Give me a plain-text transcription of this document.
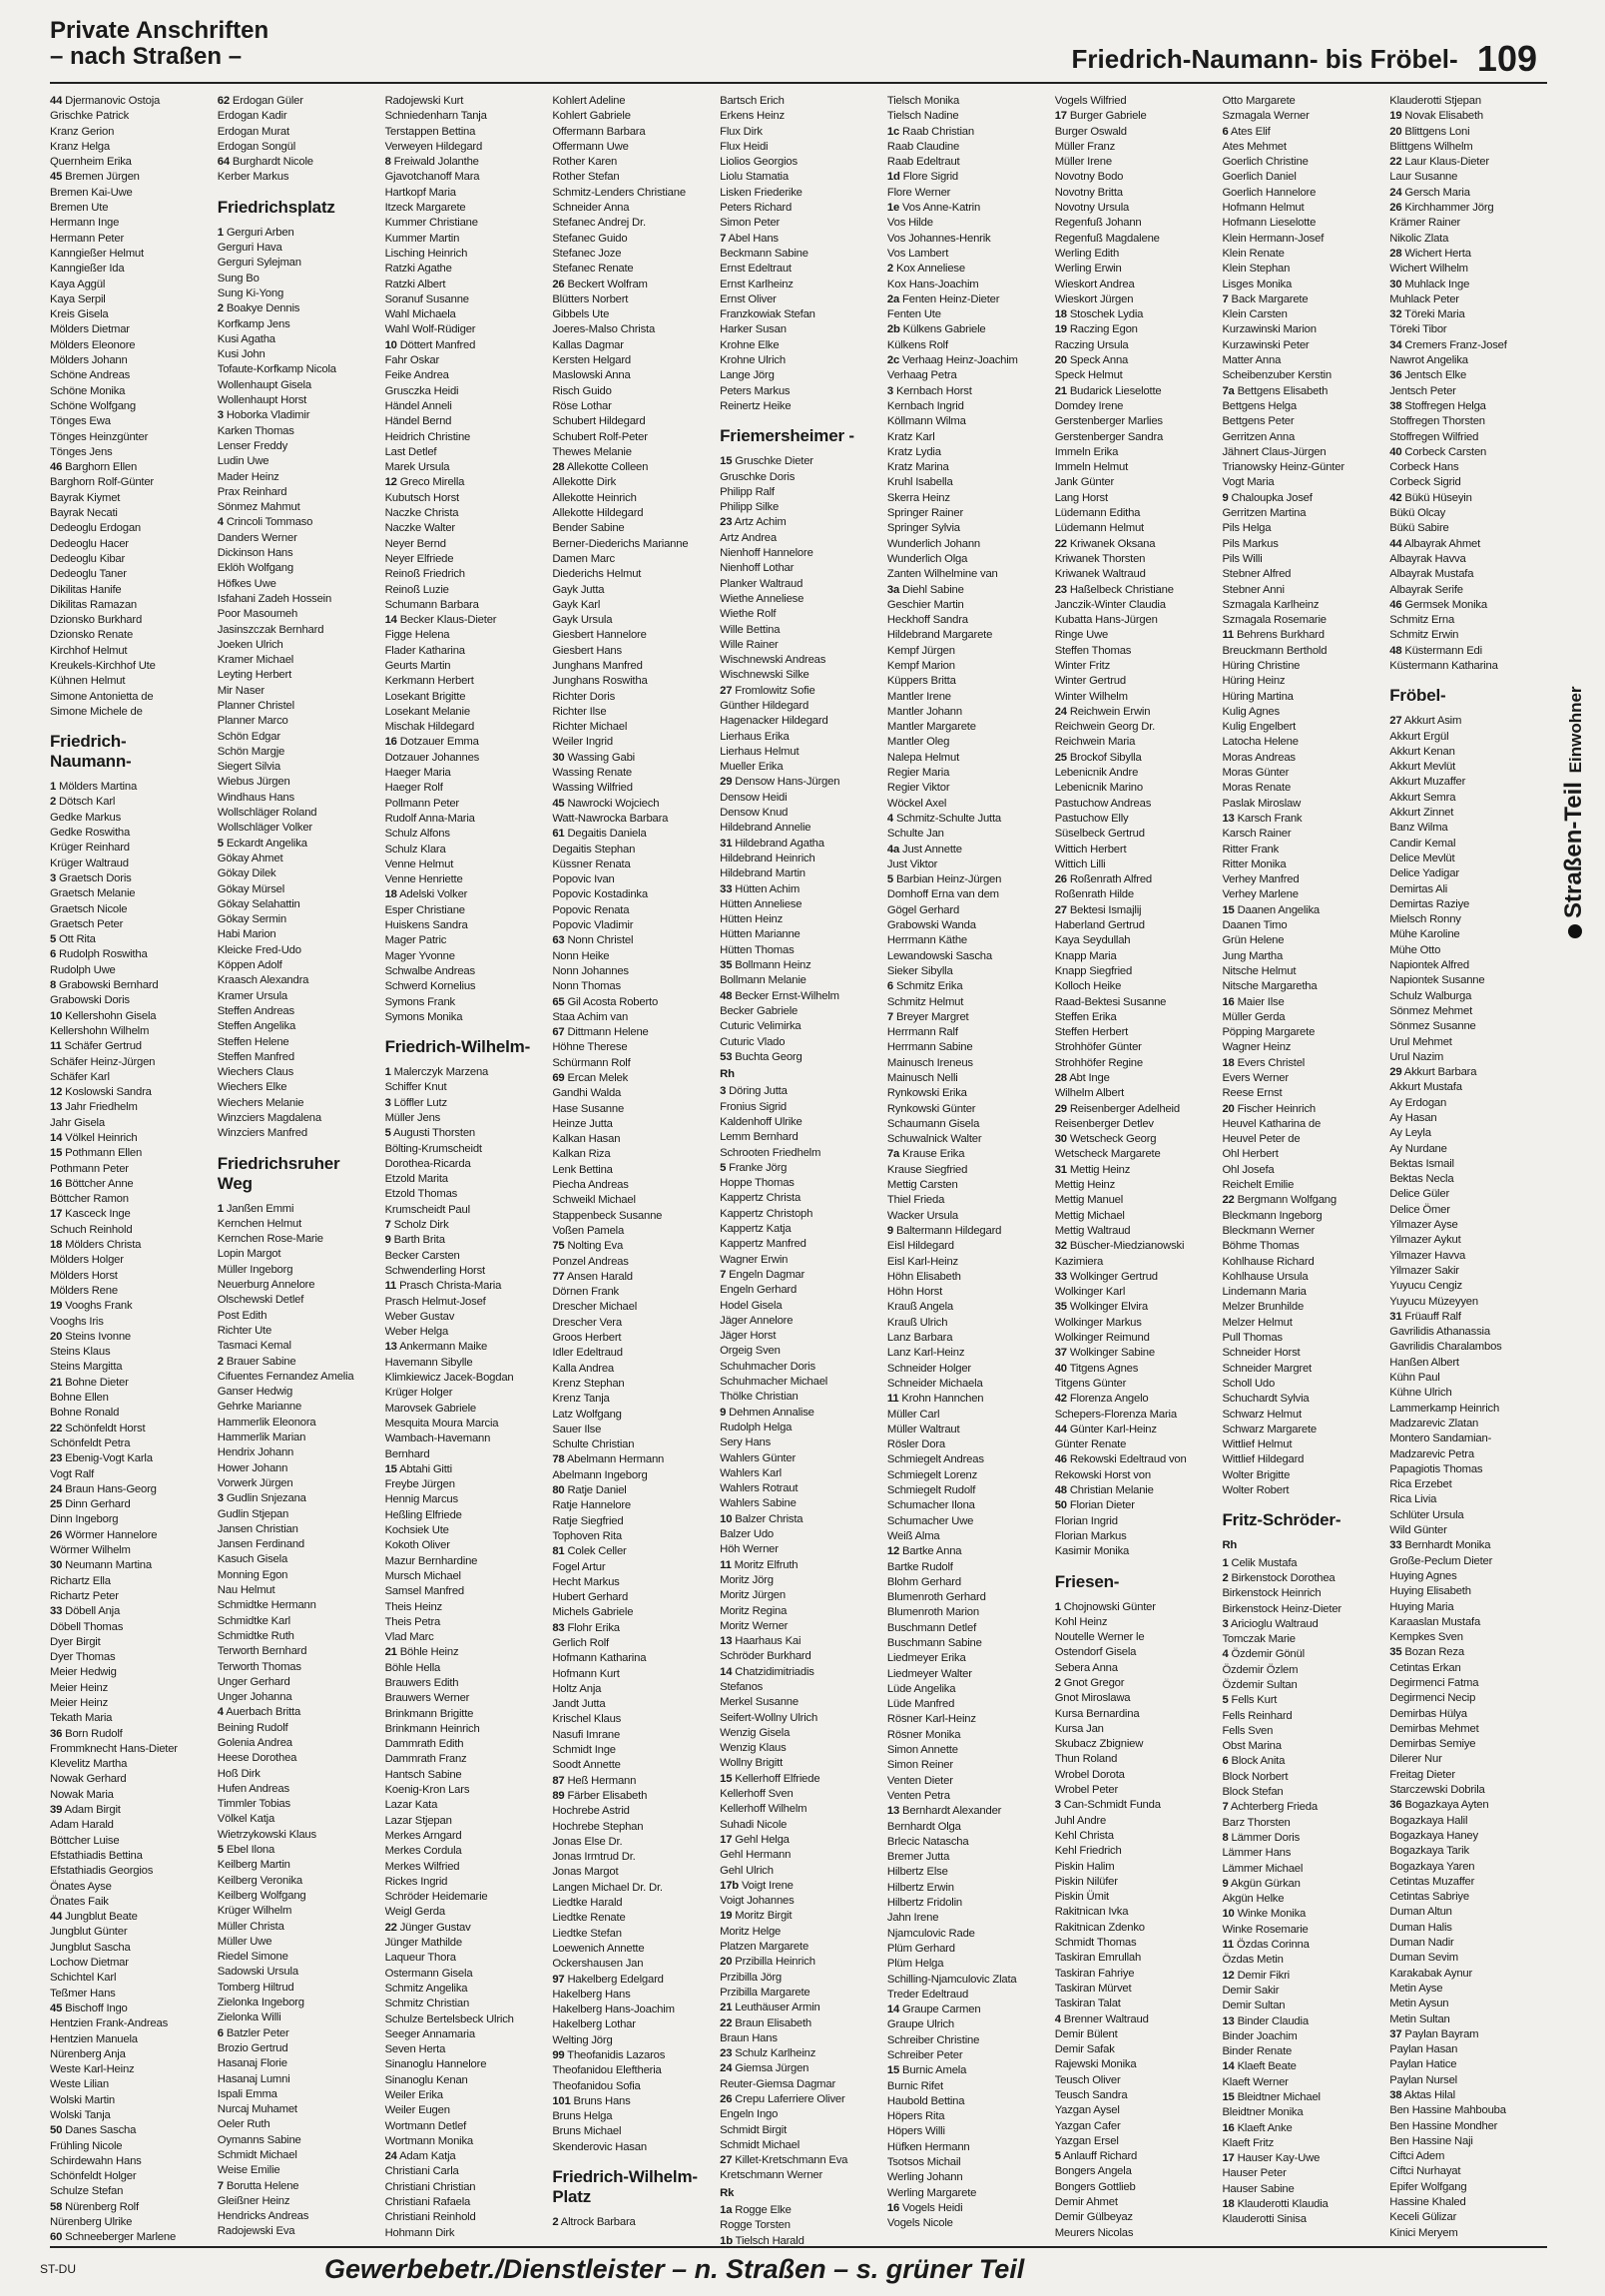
Private Anschriften
– nach Straßen –	Friedrich-Naumann- bis Fröbel- 109
44 Djermanovic Ostoja
Grischke Patrick
Kranz Gerion
Kranz Helga
Quernheim Erika
45 Bremen Jürgen
Bremen Kai-Uwe
Bremen Ute
Hermann Inge
Hermann Peter
Kanngießer Helmut
Kanngießer Ida
Kaya Aggül
Kaya Serpil
Kreis Gisela
Mölders Dietmar
Mölders Eleonore
Mölders Johann
Schöne Andreas
Schöne Monika
Schöne Wolfgang
Tönges Ewa
Tönges Heinzgünter
Tönges Jens
46 Barghorn Ellen
Barghorn Rolf-Günter
Bayrak Kiymet
Bayrak Necati
Dedeoglu Erdogan
Dedeoglu Hacer
Dedeoglu Kibar
Dedeoglu Taner
Dikilitas Hanife
Dikilitas Ramazan
Dzionsko Burkhard
Dzionsko Renate
Kirchhof Helmut
Kreukels-Kirchhof Ute
Kühnen Helmut
Simone Antonietta de
Simone Michele de
Friedrich-Naumann-
1 Mölders Martina
2 Dötsch Karl
Gedke Markus
Gedke Roswitha
Krüger Reinhard
Krüger Waltraud
3 Graetsch Doris
Graetsch Melanie
Graetsch Nicole
Graetsch Peter
5 Ott Rita
6 Rudolph Roswitha
Rudolph Uwe
8 Grabowski Bernhard
Grabowski Doris
10 Kellershohn Gisela
Kellershohn Wilhelm
11 Schäfer Gertrud
Schäfer Heinz-Jürgen
Schäfer Karl
12 Koslowski Sandra
13 Jahr Friedhelm
Jahr Gisela
14 Völkel Heinrich
15 Pothmann Ellen
Pothmann Peter
16 Böttcher Anne
Böttcher Ramon
17 Kasceck Inge
Schuch Reinhold
18 Mölders Christa
Mölders Holger
Mölders Horst
Mölders Rene
19 Vooghs Frank
Vooghs Iris
20 Steins Ivonne
Steins Klaus
Steins Margitta
21 Bohne Dieter
Bohne Ellen
Bohne Ronald
22 Schönfeldt Horst
Schönfeldt Petra
23 Ebenig-Vogt Karla
Vogt Ralf
24 Braun Hans-Georg
25 Dinn Gerhard
Dinn Ingeborg
26 Wörmer Hannelore
Wörmer Wilhelm
30 Neumann Martina
Richartz Ella
Richartz Peter
33 Döbell Anja
Döbell Thomas
Dyer Birgit
Dyer Thomas
Meier Hedwig
Meier Heinz
Meier Heinz
Tekath Maria
36 Born Rudolf
Frommknecht Hans-Dieter
Klevelitz Martha
Nowak Gerhard
Nowak Maria
39 Adam Birgit
Adam Harald
Böttcher Luise
Efstathiadis Bettina
Efstathiadis Georgios
Önates Ayse
Önates Faik
44 Jungblut Beate
Jungblut Günter
Jungblut Sascha
Lochow Dietmar
Schichtel Karl
Teßmer Hans
45 Bischoff Ingo
Hentzien Frank-Andreas
Hentzien Manuela
Nürenberg Anja
Weste Karl-Heinz
Weste Lilian
Wolski Martin
Wolski Tanja
50 Danes Sascha
Frühling Nicole
Schirdewahn Hans
Schönfeldt Holger
Schulze Stefan
58 Nürenberg Rolf
Nürenberg Ulrike
60 Schneeberger Marlene
62 Erdogan Güler
Erdogan Kadir
Erdogan Murat
Erdogan Songül
64 Burghardt Nicole
Kerber Markus
Friedrichsplatz
1 Gerguri Arben
Gerguri Hava
Gerguri Sylejman
Sung Bo
Sung Ki-Yong
2 Boakye Dennis
Korfkamp Jens
Kusi Agatha
Kusi John
Tofaute-Korfkamp Nicola
Wollenhaupt Gisela
Wollenhaupt Horst
3 Hoborka Vladimir
Karken Thomas
Lenser Freddy
Ludin Uwe
Mader Heinz
Prax Reinhard
Sönmez Mahmut
4 Crincoli Tommaso
Danders Werner
Dickinson Hans
Eklöh Wolfgang
Höfkes Uwe
Isfahani Zadeh Hossein
Poor Masoumeh
Jasinszczak Bernhard
Joeken Ulrich
Kramer Michael
Leyting Herbert
Mir Naser
Planner Christel
Planner Marco
Schön Edgar
Schön Margje
Siegert Silvia
Wiebus Jürgen
Windhaus Hans
Wollschläger Roland
Wollschläger Volker
5 Eckardt Angelika
Gökay Ahmet
Gökay Dilek
Gökay Mürsel
Gökay Selahattin
Gökay Sermin
Habi Marion
Kleicke Fred-Udo
Köppen Adolf
Kraasch Alexandra
Kramer Ursula
Steffen Andreas
Steffen Angelika
Steffen Helene
Steffen Manfred
Wiechers Claus
Wiechers Elke
Wiechers Melanie
Winzciers Magdalena
Winzciers Manfred
Friedrichsruher Weg
1 Janßen Emmi
Kernchen Helmut
Kernchen Rose-Marie
Lopin Margot
Müller Ingeborg
Neuerburg Annelore
Olschewski Detlef
Post Edith
Richter Ute
Tasmaci Kemal
2 Brauer Sabine
Cifuentes Fernandez Amelia
Ganser Hedwig
Gehrke Marianne
Hammerlik Eleonora
Hammerlik Marian
Hendrix Johann
Hower Johann
Vorwerk Jürgen
3 Gudlin Snjezana
Gudlin Stjepan
Jansen Christian
Jansen Ferdinand
Kasuch Gisela
Monning Egon
Nau Helmut
Schmidtke Hermann
Schmidtke Karl
Schmidtke Ruth
Terworth Bernhard
Terworth Thomas
Unger Gerhard
Unger Johanna
4 Auerbach Britta
Beining Rudolf
Golenia Andrea
Heese Dorothea
Hoß Dirk
Hufen Andreas
Timmler Tobias
Völkel Katja
Wietrzykowski Klaus
5 Ebel Ilona
Keilberg Martin
Keilberg Veronika
Keilberg Wolfgang
Krüger Wilhelm
Müller Christa
Müller Uwe
Riedel Simone
Sadowski Ursula
Tomberg Hiltrud
Zielonka Ingeborg
Zielonka Willi
6 Batzler Peter
Brozio Gertrud
Hasanaj Florie
Hasanaj Lumni
Ispali Emma
Nurcaj Muhamet
Oeler Ruth
Oymanns Sabine
Schmidt Michael
Weise Emilie
7 Borutta Helene
Gleißner Heinz
Hendricks Andreas
Radojewski Eva
Radojewski Kurt
Schniedenharn Tanja
Terstappen Bettina
Verweyen Hildegard
8 Freiwald Jolanthe
Gjavotchanoff Mara
Hartkopf Maria
Itzeck Margarete
Kummer Christiane
Kummer Martin
Lisching Heinrich
Ratzki Agathe
Ratzki Albert
Soranuf Susanne
Wahl Michaela
Wahl Wolf-Rüdiger
10 Döttert Manfred
Fahr Oskar
Feike Andrea
Grusczka Heidi
Händel Anneli
Händel Bernd
Heidrich Christine
Last Detlef
Marek Ursula
12 Greco Mirella
Kubutsch Horst
Naczke Christa
Naczke Walter
Neyer Bernd
Neyer Elfriede
Reinoß Friedrich
Reinoß Luzie
Schumann Barbara
14 Becker Klaus-Dieter
Figge Helena
Flader Katharina
Geurts Martin
Kerkmann Herbert
Losekant Brigitte
Losekant Melanie
Mischak Hildegard
16 Dotzauer Emma
Dotzauer Johannes
Haeger Maria
Haeger Rolf
Pollmann Peter
Rudolf Anna-Maria
Schulz Alfons
Schulz Klara
Venne Helmut
Venne Henriette
18 Adelski Volker
Esper Christiane
Huiskens Sandra
Mager Patric
Mager Yvonne
Schwalbe Andreas
Schwerd Kornelius
Symons Frank
Symons Monika
Friedrich-Wilhelm-
1 Malerczyk Marzena
Schiffer Knut
3 Löffler Lutz
Müller Jens
5 Augusti Thorsten
Bölting-Krumscheidt
Dorothea-Ricarda
Etzold Marita
Etzold Thomas
Krumscheidt Paul
7 Scholz Dirk
9 Barth Brita
Becker Carsten
Schwenderling Horst
11 Prasch Christa-Maria
Prasch Helmut-Josef
Weber Gustav
Weber Helga
13 Ankermann Maike
Havemann Sibylle
Klimkiewicz Jacek-Bogdan
Krüger Holger
Marovsek Gabriele
Mesquita Moura Marcia
Wambach-Havemann
Bernhard
15 Abtahi Gitti
Freybe Jürgen
Hennig Marcus
Heßling Elfriede
Kochsiek Ute
Kokoth Oliver
Mazur Bernhardine
Mursch Michael
Samsel Manfred
Theis Heinz
Theis Petra
Vlad Marc
21 Böhle Heinz
Böhle Hella
Brauwers Edith
Brauwers Werner
Brinkmann Brigitte
Brinkmann Heinrich
Dammrath Edith
Dammrath Franz
Hantsch Sabine
Koenig-Kron Lars
Lazar Kata
Lazar Stjepan
Merkes Arngard
Merkes Cordula
Merkes Wilfried
Rickes Ingrid
Schröder Heidemarie
Weigl Gerda
22 Jünger Gustav
Jünger Mathilde
Laqueur Thora
Ostermann Gisela
Schmitz Angelika
Schmitz Christian
Schulze Bertelsbeck Ulrich
Seeger Annamaria
Seven Herta
Sinanoglu Hannelore
Sinanoglu Kenan
Weiler Erika
Weiler Eugen
Wortmann Detlef
Wortmann Monika
24 Adam Katja
Christiani Carla
Christiani Christian
Christiani Rafaela
Christiani Reinhold
Hohmann Dirk
Kohlert Adeline
Kohlert Gabriele
Offermann Barbara
Offermann Uwe
Rother Karen
Rother Stefan
Schmitz-Lenders Christiane
Schneider Anna
Stefanec Andrej Dr.
Stefanec Guido
Stefanec Joze
Stefanec Renate
26 Beckert Wolfram
Blütters Norbert
Gibbels Ute
Joeres-Malso Christa
Kallas Dagmar
Kersten Helgard
Maslowski Anna
Risch Guido
Röse Lothar
Schubert Hildegard
Schubert Rolf-Peter
Thewes Melanie
28 Allekotte Colleen
Allekotte Dirk
Allekotte Heinrich
Allekotte Hildegard
Bender Sabine
Berner-Diederichs Marianne
Damen Marc
Diederichs Helmut
Gayk Jutta
Gayk Karl
Gayk Ursula
Giesbert Hannelore
Giesbert Hans
Junghans Manfred
Junghans Roswitha
Richter Doris
Richter Ilse
Richter Michael
Weiler Ingrid
30 Wassing Gabi
Wassing Renate
Wassing Wilfried
45 Nawrocki Wojciech
Watt-Nawrocka Barbara
61 Degaitis Daniela
Degaitis Stephan
Küssner Renata
Popovic Ivan
Popovic Kostadinka
Popovic Renata
Popovic Vladimir
63 Nonn Christel
Nonn Heike
Nonn Johannes
Nonn Thomas
65 Gil Acosta Roberto
Staa Achim van
67 Dittmann Helene
Höhne Therese
Schürmann Rolf
69 Ercan Melek
Gandhi Walda
Hase Susanne
Heinze Jutta
Kalkan Hasan
Kalkan Riza
Lenk Bettina
Piecha Andreas
Schweikl Michael
Stappenbeck Susanne
Voßen Pamela
75 Nolting Eva
Ponzel Andreas
77 Ansen Harald
Dörnen Frank
Drescher Michael
Drescher Vera
Groos Herbert
Idler Edeltraud
Kalla Andrea
Krenz Stephan
Krenz Tanja
Latz Wolfgang
Sauer Ilse
Schulte Christian
78 Abelmann Hermann
Abelmann Ingeborg
80 Ratje Daniel
Ratje Hannelore
Ratje Siegfried
Tophoven Rita
81 Colek Celler
Fogel Artur
Hecht Markus
Hubert Gerhard
Michels Gabriele
83 Flohr Erika
Gerlich Rolf
Hofmann Katharina
Hofmann Kurt
Holtz Anja
Jandt Jutta
Krischel Klaus
Nasufi Imrane
Schmidt Inge
Soodt Annette
87 Heß Hermann
89 Färber Elisabeth
Hochrebe Astrid
Hochrebe Stephan
Jonas Else Dr.
Jonas Irmtrud Dr.
Jonas Margot
Langen Michael Dr. Dr.
Liedtke Harald
Liedtke Renate
Liedtke Stefan
Loewenich Annette
Ockershausen Jan
97 Hakelberg Edelgard
Hakelberg Hans
Hakelberg Hans-Joachim
Hakelberg Lothar
Welting Jörg
99 Theofanidis Lazaros
Theofanidou Eleftheria
Theofanidou Sofia
101 Bruns Hans
Bruns Helga
Bruns Michael
Skenderovic Hasan
Friedrich-Wilhelm-Platz
2 Altrock Barbara
Bartsch Erich
Erkens Heinz
Flux Dirk
Flux Heidi
Liolios Georgios
Liolu Stamatia
Lisken Friederike
Peters Richard
Simon Peter
7 Abel Hans
Beckmann Sabine
Ernst Edeltraut
Ernst Karlheinz
Ernst Oliver
Franzkowiak Stefan
Harker Susan
Krohne Elke
Krohne Ulrich
Lange Jörg
Peters Markus
Reinertz Heike
Friemersheimer -
15 Gruschke Dieter
Gruschke Doris
Philipp Ralf
Philipp Silke
23 Artz Achim
Artz Andrea
Nienhoff Hannelore
Nienhoff Lothar
Planker Waltraud
Wiethe Anneliese
Wiethe Rolf
Wille Bettina
Wille Rainer
Wischnewski Andreas
Wischnewski Silke
27 Fromlowitz Sofie
Günther Hildegard
Hagenacker Hildegard
Lierhaus Erika
Lierhaus Helmut
Mueller Erika
29 Densow Hans-Jürgen
Densow Heidi
Densow Knud
Hildebrand Annelie
31 Hildebrand Agatha
Hildebrand Heinrich
Hildebrand Martin
33 Hütten Achim
Hütten Anneliese
Hütten Heinz
Hütten Marianne
Hütten Thomas
35 Bollmann Heinz
Bollmann Melanie
48 Becker Ernst-Wilhelm
Becker Gabriele
Cuturic Velimirka
Cuturic Vlado
53 Buchta Georg
Rh
3 Döring Jutta
Fronius Sigrid
Kaldenhoff Ulrike
Lemm Bernhard
Schrooten Friedhelm
5 Franke Jörg
Hoppe Thomas
Kappertz Christa
Kappertz Christoph
Kappertz Katja
Kappertz Manfred
Wagner Erwin
7 Engeln Dagmar
Engeln Gerhard
Hodel Gisela
Jäger Annelore
Jäger Horst
Orgeig Sven
Schuhmacher Doris
Schuhmacher Michael
Thölke Christian
9 Dehmen Annalise
Rudolph Helga
Sery Hans
Wahlers Günter
Wahlers Karl
Wahlers Rotraut
Wahlers Sabine
10 Balzer Christa
Balzer Udo
Höh Werner
11 Moritz Elfruth
Moritz Jörg
Moritz Jürgen
Moritz Regina
Moritz Werner
13 Haarhaus Kai
Schröder Burkhard
14 Chatzidimitriadis
Stefanos
Merkel Susanne
Seifert-Wollny Ulrich
Wenzig Gisela
Wenzig Klaus
Wollny Brigitt
15 Kellerhoff Elfriede
Kellerhoff Sven
Kellerhoff Wilhelm
Suhadi Nicole
17 Gehl Helga
Gehl Hermann
Gehl Ulrich
17b Voigt Irene
Voigt Johannes
19 Moritz Birgit
Moritz Helge
Platzen Margarete
20 Przibilla Heinrich
Przibilla Jörg
Przibilla Margarete
21 Leuthäuser Armin
22 Braun Elisabeth
Braun Hans
23 Schulz Karlheinz
24 Giemsa Jürgen
Reuter-Giemsa Dagmar
26 Crepu Laferriere Oliver
Engeln Ingo
Schmidt Birgit
Schmidt Michael
27 Killet-Kretschmann Eva
Kretschmann Werner
Rk
1a Rogge Elke
Rogge Torsten
1b Tielsch Harald
Tielsch Monika
Tielsch Nadine
1c Raab Christian
Raab Claudine
Raab Edeltraut
1d Flore Sigrid
Flore Werner
1e Vos Anne-Katrin
Vos Hilde
Vos Johannes-Henrik
Vos Lambert
2 Kox Anneliese
Kox Hans-Joachim
2a Fenten Heinz-Dieter
Fenten Ute
2b Külkens Gabriele
Külkens Rolf
2c Verhaag Heinz-Joachim
Verhaag Petra
3 Kernbach Horst
Kernbach Ingrid
Köllmann Wilma
Kratz Karl
Kratz Lydia
Kratz Marina
Kruhl Isabella
Skerra Heinz
Springer Rainer
Springer Sylvia
Wunderlich Johann
Wunderlich Olga
Zanten Wilhelmine van
3a Diehl Sabine
Geschier Martin
Heckhoff Sandra
Hildebrand Margarete
Kempf Jürgen
Kempf Marion
Küppers Britta
Mantler Irene
Mantler Johann
Mantler Margarete
Mantler Oleg
Nalepa Helmut
Regier Maria
Regier Viktor
Wöckel Axel
4 Schmitz-Schulte Jutta
Schulte Jan
4a Just Annette
Just Viktor
5 Barbian Heinz-Jürgen
Domhoff Erna van dem
Gögel Gerhard
Grabowski Wanda
Herrmann Käthe
Lewandowski Sascha
Sieker Sibylla
6 Schmitz Erika
Schmitz Helmut
7 Breyer Margret
Herrmann Ralf
Herrmann Sabine
Mainusch Ireneus
Mainusch Nelli
Rynkowski Erika
Rynkowski Günter
Schaumann Gisela
Schuwalnick Walter
7a Krause Erika
Krause Siegfried
Mettig Carsten
Thiel Frieda
Wacker Ursula
9 Baltermann Hildegard
Eisl Hildegard
Eisl Karl-Heinz
Höhn Elisabeth
Höhn Horst
Krauß Angela
Krauß Ulrich
Lanz Barbara
Lanz Karl-Heinz
Schneider Holger
Schneider Michaela
11 Krohn Hannchen
Müller Carl
Müller Waltraut
Rösler Dora
Schmiegelt Andreas
Schmiegelt Lorenz
Schmiegelt Rudolf
Schumacher Ilona
Schumacher Uwe
Weiß Alma
12 Bartke Anna
Bartke Rudolf
Blohm Gerhard
Blumenroth Gerhard
Blumenroth Marion
Buschmann Detlef
Buschmann Sabine
Liedmeyer Erika
Liedmeyer Walter
Lüde Angelika
Lüde Manfred
Rösner Karl-Heinz
Rösner Monika
Simon Annette
Simon Reiner
Venten Dieter
Venten Petra
13 Bernhardt Alexander
Bernhardt Olga
Brlecic Natascha
Bremer Jutta
Hilbertz Else
Hilbertz Erwin
Hilbertz Fridolin
Jahn Irene
Njamculovic Rade
Plüm Gerhard
Plüm Helga
Schilling-Njamculovic Zlata
Treder Edeltraud
14 Graupe Carmen
Graupe Ulrich
Schreiber Christine
Schreiber Peter
15 Burnic Amela
Burnic Rifet
Haubold Bettina
Höpers Rita
Höpers Willi
Hüfken Hermann
Tsotsos Michail
Werling Johann
Werling Margarete
16 Vogels Heidi
Vogels Nicole
Vogels Wilfried
17 Burger Gabriele
Burger Oswald
Müller Franz
Müller Irene
Novotny Bodo
Novotny Britta
Novotny Ursula
Regenfuß Johann
Regenfuß Magdalene
Werling Edith
Werling Erwin
Wieskort Andrea
Wieskort Jürgen
18 Stoschek Lydia
19 Raczing Egon
Raczing Ursula
20 Speck Anna
Speck Helmut
21 Budarick Lieselotte
Domdey Irene
Gerstenberger Marlies
Gerstenberger Sandra
Immeln Erika
Immeln Helmut
Jank Günter
Lang Horst
Lüdemann Editha
Lüdemann Helmut
22 Kriwanek Oksana
Kriwanek Thorsten
Kriwanek Waltraud
23 Haßelbeck Christiane
Janczik-Winter Claudia
Kubatta Hans-Jürgen
Ringe Uwe
Steffen Thomas
Winter Fritz
Winter Gertrud
Winter Wilhelm
24 Reichwein Erwin
Reichwein Georg Dr.
Reichwein Maria
25 Brockof Sibylla
Lebenicnik Andre
Lebenicnik Marino
Pastuchow Andreas
Pastuchow Elly
Süselbeck Gertrud
Wittich Herbert
Wittich Lilli
26 Roßenrath Alfred
Roßenrath Hilde
27 Bektesi Ismajlij
Haberland Gertrud
Kaya Seydullah
Knapp Maria
Knapp Siegfried
Kolloch Heike
Raad-Bektesi Susanne
Steffen Erika
Steffen Herbert
Strohhöfer Günter
Strohhöfer Regine
28 Abt Inge
Wilhelm Albert
29 Reisenberger Adelheid
Reisenberger Detlev
30 Wetscheck Georg
Wetscheck Margarete
31 Mettig Heinz
Mettig Heinz
Mettig Manuel
Mettig Michael
Mettig Waltraud
32 Büscher-Miedzianowski
Kazimiera
33 Wolkinger Gertrud
Wolkinger Karl
35 Wolkinger Elvira
Wolkinger Markus
Wolkinger Reimund
37 Wolkinger Sabine
40 Titgens Agnes
Titgens Günter
42 Florenza Angelo
Schepers-Florenza Maria
44 Günter Karl-Heinz
Günter Renate
46 Rekowski Edeltraud von
Rekowski Horst von
48 Christian Melanie
50 Florian Dieter
Florian Ingrid
Florian Markus
Kasimir Monika
Friesen-
1 Chojnowski Günter
Kohl Heinz
Noutelle Werner le
Ostendorf Gisela
Sebera Anna
2 Gnot Gregor
Gnot Miroslawa
Kursa Bernardina
Kursa Jan
Skubacz Zbigniew
Thun Roland
Wrobel Dorota
Wrobel Peter
3 Can-Schmidt Funda
Juhl Andre
Kehl Christa
Kehl Friedrich
Piskin Halim
Piskin Nilüfer
Piskin Ümit
Rakitnican Ivka
Rakitnican Zdenko
Schmidt Thomas
Taskiran Emrullah
Taskiran Fahriye
Taskiran Mürvet
Taskiran Talat
4 Brenner Waltraud
Demir Bülent
Demir Safak
Rajewski Monika
Teusch Oliver
Teusch Sandra
Yazgan Aysel
Yazgan Cafer
Yazgan Ersel
5 Anlauff Richard
Bongers Angela
Bongers Gottlieb
Demir Ahmet
Demir Gülbeyaz
Meurers Nicolas
Otto Margarete
Szmagala Werner
6 Ates Elif
Ates Mehmet
Goerlich Christine
Goerlich Daniel
Goerlich Hannelore
Hofmann Helmut
Hofmann Lieselotte
Klein Hermann-Josef
Klein Renate
Klein Stephan
Lisges Monika
7 Back Margarete
Klein Carsten
Kurzawinski Marion
Kurzawinski Peter
Matter Anna
Scheibenzuber Kerstin
7a Bettgens Elisabeth
Bettgens Helga
Bettgens Peter
Gerritzen Anna
Jähnert Claus-Jürgen
Trianowsky Heinz-Günter
Vogt Maria
9 Chaloupka Josef
Gerritzen Martina
Pils Helga
Pils Markus
Pils Willi
Stebner Alfred
Stebner Anni
Szmagala Karlheinz
Szmagala Rosemarie
11 Behrens Burkhard
Breuckmann Berthold
Hüring Christine
Hüring Heinz
Hüring Martina
Kulig Agnes
Kulig Engelbert
Latocha Helene
Moras Andreas
Moras Günter
Moras Renate
Paslak Miroslaw
13 Karsch Frank
Karsch Rainer
Ritter Frank
Ritter Monika
Verhey Manfred
Verhey Marlene
15 Daanen Angelika
Daanen Timo
Grün Helene
Jung Martha
Nitsche Helmut
Nitsche Margaretha
16 Maier Ilse
Müller Gerda
Pöpping Margarete
Wagner Heinz
18 Evers Christel
Evers Werner
Reese Ernst
20 Fischer Heinrich
Heuvel Katharina de
Heuvel Peter de
Ohl Herbert
Ohl Josefa
Reichelt Emilie
22 Bergmann Wolfgang
Bleckmann Ingeborg
Bleckmann Werner
Böhme Thomas
Kohlhause Richard
Kohlhause Ursula
Lindemann Maria
Melzer Brunhilde
Melzer Helmut
Pull Thomas
Schneider Horst
Schneider Margret
Scholl Udo
Schuchardt Sylvia
Schwarz Helmut
Schwarz Margarete
Wittlief Helmut
Wittlief Hildegard
Wolter Brigitte
Wolter Robert
Fritz-Schröder-
Rh
1 Celik Mustafa
2 Birkenstock Dorothea
Birkenstock Heinrich
Birkenstock Heinz-Dieter
3 Aricioglu Waltraud
Tomczak Marie
4 Özdemir Gönül
Özdemir Özlem
Özdemir Sultan
5 Fells Kurt
Fells Reinhard
Fells Sven
Obst Marina
6 Block Anita
Block Norbert
Block Stefan
7 Achterberg Frieda
Barz Thorsten
8 Lämmer Doris
Lämmer Hans
Lämmer Michael
9 Akgün Gürkan
Akgün Helke
10 Winke Monika
Winke Rosemarie
11 Özdas Corinna
Özdas Metin
12 Demir Fikri
Demir Sakir
Demir Sultan
13 Binder Claudia
Binder Joachim
Binder Renate
14 Klaeft Beate
Klaeft Werner
15 Bleidtner Michael
Bleidtner Monika
16 Klaeft Anke
Klaeft Fritz
17 Hauser Kay-Uwe
Hauser Peter
Hauser Sabine
18 Klauderotti Klaudia
Klauderotti Sinisa
Klauderotti Stjepan
19 Novak Elisabeth
20 Blittgens Loni
Blittgens Wilhelm
22 Laur Klaus-Dieter
Laur Susanne
24 Gersch Maria
26 Kirchhammer Jörg
Krämer Rainer
Nikolic Zlata
28 Wichert Herta
Wichert Wilhelm
30 Muhlack Inge
Muhlack Peter
32 Töreki Maria
Töreki Tibor
34 Cremers Franz-Josef
Nawrot Angelika
36 Jentsch Elke
Jentsch Peter
38 Stoffregen Helga
Stoffregen Thorsten
Stoffregen Wilfried
40 Corbeck Carsten
Corbeck Hans
Corbeck Sigrid
42 Bükü Hüseyin
Bükü Olcay
Bükü Sabire
44 Albayrak Ahmet
Albayrak Havva
Albayrak Mustafa
Albayrak Serife
46 Germsek Monika
Schmitz Erna
Schmitz Erwin
48 Küstermann Edi
Küstermann Katharina
Fröbel-
27 Akkurt Asim
Akkurt Ergül
Akkurt Kenan
Akkurt Mevlüt
Akkurt Muzaffer
Akkurt Semra
Akkurt Zinnet
Banz Wilma
Candir Kemal
Delice Mevlüt
Delice Yadigar
Demirtas Ali
Demirtas Raziye
Mielsch Ronny
Mühe Karoline
Mühe Otto
Napiontek Alfred
Napiontek Susanne
Schulz Walburga
Sönmez Mehmet
Sönmez Susanne
Urul Mehmet
Urul Nazim
29 Akkurt Barbara
Akkurt Mustafa
Ay Erdogan
Ay Hasan
Ay Leyla
Ay Nurdane
Bektas Ismail
Bektas Necla
Delice Güler
Delice Ömer
Yilmazer Ayse
Yilmazer Aykut
Yilmazer Havva
Yilmazer Sakir
Yuyucu Cengiz
Yuyucu Müzeyyen
31 Früauff Ralf
Gavrilidis Athanassia
Gavrilidis Charalambos
Hanßen Albert
Kühn Paul
Kühne Ulrich
Lammerkamp Heinrich
Madzarevic Zlatan
Montero Sandamian-
Madzarevic Petra
Papagiotis Thomas
Rica Erzebet
Rica Livia
Schlüter Ursula
Wild Günter
33 Bernhardt Monika
Große-Peclum Dieter
Huying Agnes
Huying Elisabeth
Huying Maria
Karaaslan Mustafa
Kempkes Sven
35 Bozan Reza
Cetintas Erkan
Degirmenci Fatma
Degirmenci Necip
Demirbas Hülya
Demirbas Mehmet
Demirbas Semiye
Dilerer Nur
Freitag Dieter
Starczewski Dobrila
36 Bogazkaya Ayten
Bogazkaya Halil
Bogazkaya Haney
Bogazkaya Tarik
Bogazkaya Yaren
Cetintas Muzaffer
Cetintas Sabriye
Duman Altun
Duman Halis
Duman Nadir
Duman Sevim
Karakabak Aynur
Metin Ayse
Metin Aysun
Metin Sultan
37 Paylan Bayram
Paylan Hasan
Paylan Hatice
Paylan Nursel
38 Aktas Hilal
Ben Hassine Mahbouba
Ben Hassine Mondher
Ben Hassine Naji
Ciftci Adem
Ciftci Nurhayat
Epifer Wolfgang
Hassine Khaled
Keceli Gülizar
Kinici Meryem
Straßen-Teil Einwohner
ST-DU	Gewerbebetr./Dienstleister – n. Straßen – s. grüner Teil
